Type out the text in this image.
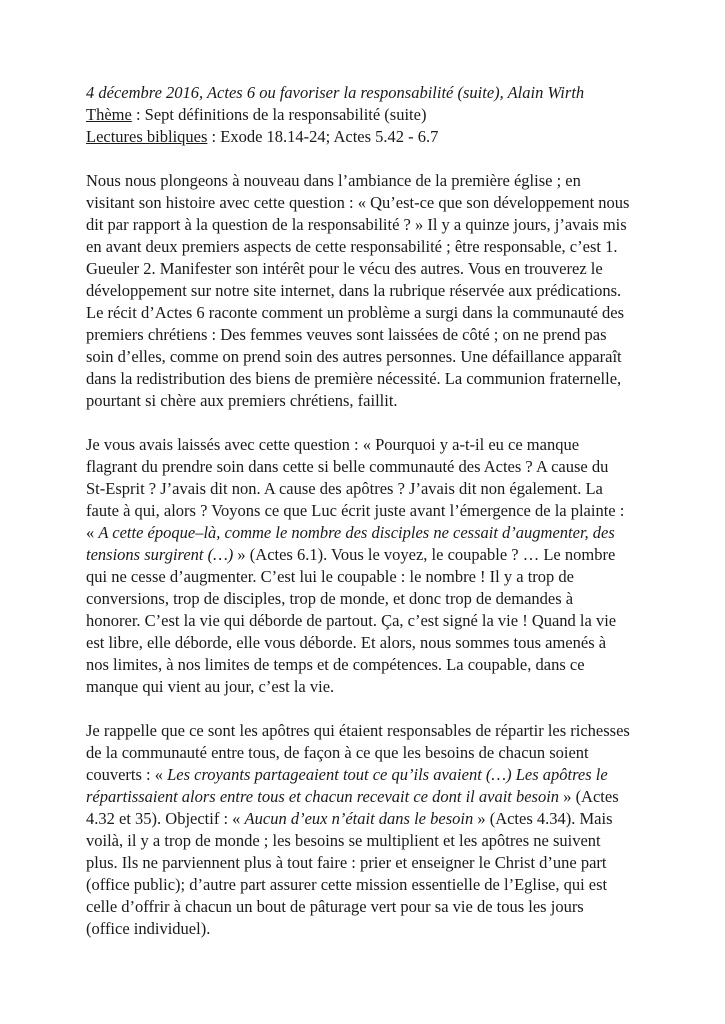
4 décembre 2016, Actes 6 ou favoriser la responsabilité (suite), Alain Wirth
Thème : Sept définitions de la responsabilité (suite)
Lectures bibliques : Exode 18.14-24; Actes 5.42 - 6.7

Nous nous plongeons à nouveau dans l’ambiance de la première église ; en visitant son histoire avec cette question : « Qu’est-ce que son développement nous dit par rapport à la question de la responsabilité ? » Il y a quinze jours, j’avais mis en avant deux premiers aspects de cette responsabilité ; être responsable, c’est 1. Gueuler 2. Manifester son intérêt pour le vécu des autres. Vous en trouverez le développement sur notre site internet, dans la rubrique réservée aux prédications. Le récit d’Actes 6 raconte comment un problème a surgi dans la communauté des premiers chrétiens : Des femmes veuves sont laissées de côté ; on ne prend pas soin d’elles, comme on prend soin des autres personnes. Une défaillance apparaît dans la redistribution des biens de première nécessité. La communion fraternelle, pourtant si chère aux premiers chrétiens, faillit.

Je vous avais laissés avec cette question : « Pourquoi y a-t-il eu ce manque flagrant du prendre soin dans cette si belle communauté des Actes ? A cause du St-Esprit ? J’avais dit non. A cause des apôtres ? J’avais dit non également. La faute à qui, alors ? Voyons ce que Luc écrit juste avant l’émergence de la plainte : « A cette époque–là, comme le nombre des disciples ne cessait d’augmenter, des tensions surgirent (…) » (Actes 6.1). Vous le voyez, le coupable ? … Le nombre qui ne cesse d’augmenter. C’est lui le coupable : le nombre ! Il y a trop de conversions, trop de disciples, trop de monde, et donc trop de demandes à honorer. C’est la vie qui déborde de partout. Ça, c’est signé la vie ! Quand la vie est libre, elle déborde, elle vous déborde. Et alors, nous sommes tous amenés à nos limites, à nos limites de temps et de compétences. La coupable, dans ce manque qui vient au jour, c’est la vie.

Je rappelle que ce sont les apôtres qui étaient responsables de répartir les richesses de la communauté entre tous, de façon à ce que les besoins de chacun soient couverts : « Les croyants partageaient tout ce qu’ils avaient (…) Les apôtres le répartissaient alors entre tous et chacun recevait ce dont il avait besoin » (Actes 4.32 et 35). Objectif : « Aucun d’eux n’était dans le besoin » (Actes 4.34). Mais voilà, il y a trop de monde ; les besoins se multiplient et les apôtres ne suivent plus. Ils ne parviennent plus à tout faire : prier et enseigner le Christ d’une part (office public); d’autre part assurer cette mission essentielle de l’Eglise, qui est celle d’offrir à chacun un bout de pâturage vert pour sa vie de tous les jours (office individuel).
